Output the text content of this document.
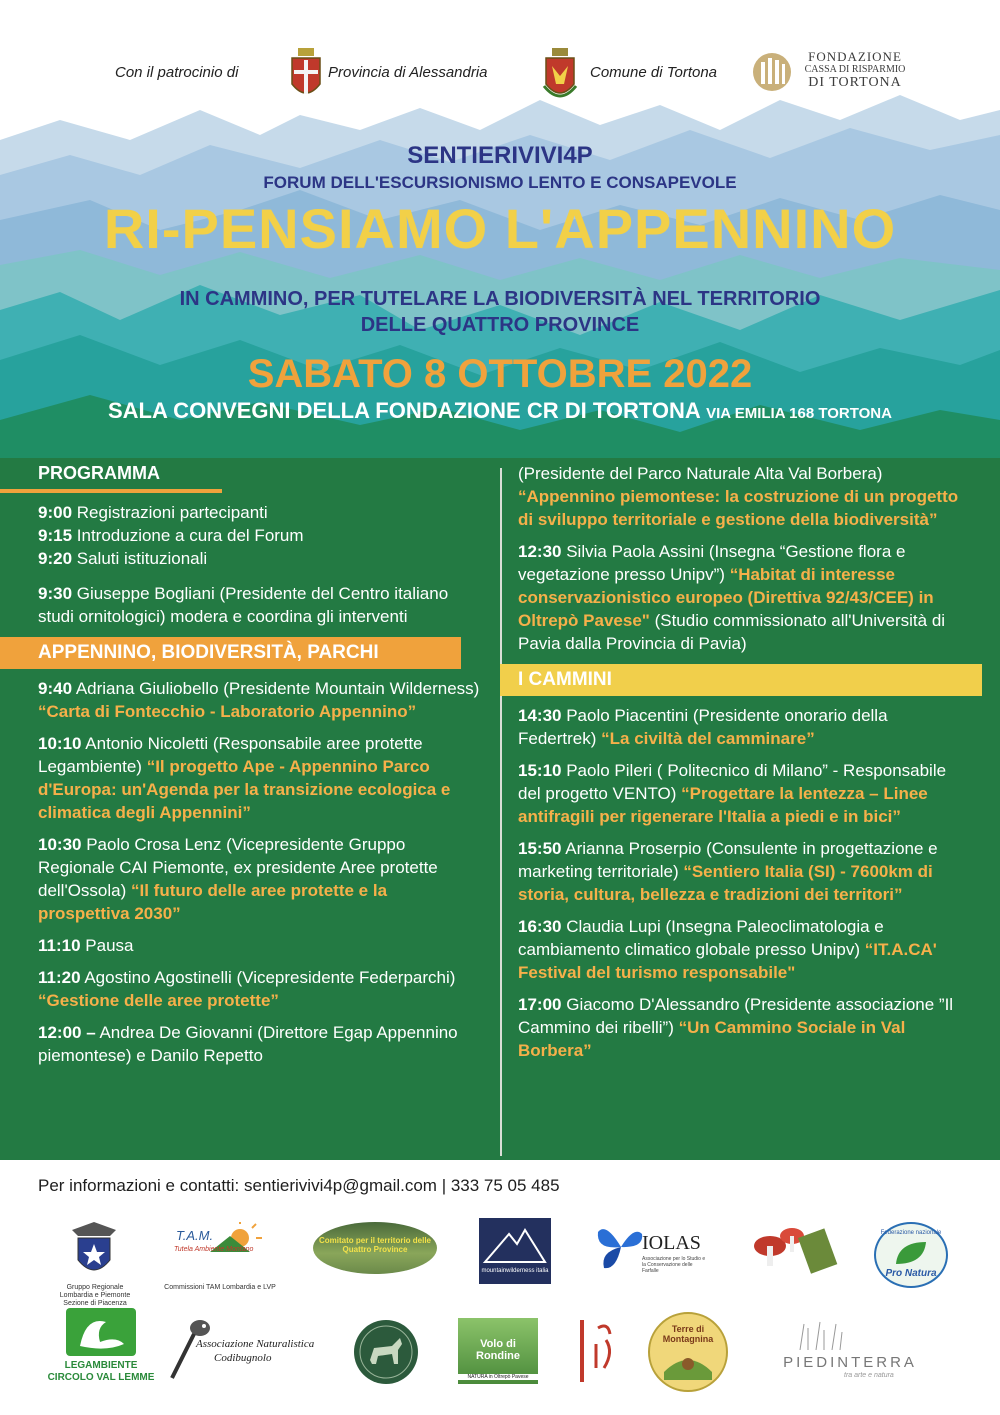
Con il patrocinio di	Provincia di Alessandria	Comune di Tortona
FONDAZIONE
CASSA DI RISPARMIO
DI TORTONA
SENTIERIVIVI4P
FORUM DELL'ESCURSIONISMO LENTO E CONSAPEVOLE
RI-PENSIAMO L'APPENNINO
IN CAMMINO, PER TUTELARE LA BIODIVERSITÀ NEL TERRITORIO
DELLE QUATTRO PROVINCE
SABATO 8 OTTOBRE 2022
SALA CONVEGNI DELLA FONDAZIONE CR DI TORTONA VIA EMILIA 168 TORTONA
PROGRAMMA
9:00 Registrazioni partecipanti
9:15 Introduzione a cura del Forum
9:20 Saluti istituzionali
9:30 Giuseppe Bogliani (Presidente del Centro italiano studi ornitologici) modera e coordina gli interventi
APPENNINO, BIODIVERSITÀ, PARCHI
9:40 Adriana Giuliobello (Presidente Mountain Wilderness) “Carta di Fontecchio - Laboratorio Appennino”
10:10 Antonio Nicoletti (Responsabile aree protette Legambiente) “Il progetto Ape - Appennino Parco d'Europa: un'Agenda per la transizione ecologica e climatica degli Appennini”
10:30 Paolo Crosa Lenz (Vicepresidente Gruppo Regionale CAI Piemonte, ex presidente Aree protette dell'Ossola) “Il futuro delle aree protette e la prospettiva 2030”
11:10 Pausa
11:20 Agostino Agostinelli (Vicepresidente Federparchi) “Gestione delle aree protette”
12:00 – Andrea De Giovanni (Direttore Egap Appennino piemontese) e Danilo Repetto
(Presidente del Parco Naturale Alta Val Borbera)
“Appennino piemontese: la costruzione di un progetto di sviluppo territoriale e gestione della biodiversità”
12:30 Silvia Paola Assini (Insegna “Gestione flora e vegetazione presso Unipv”) “Habitat di interesse conservazionistico europeo (Direttiva 92/43/CEE) in Oltrepò Pavese" (Studio commissionato all'Università di Pavia dalla Provincia di Pavia)
I CAMMINI
14:30 Paolo Piacentini (Presidente onorario della Federtrek) “La civiltà del camminare”
15:10 Paolo Pileri ( Politecnico di Milano” - Responsabile del progetto VENTO) “Progettare la lentezza – Linee antifragili per rigenerare l'Italia a piedi e in bici”
15:50 Arianna Proserpio (Consulente in progettazione e marketing territoriale) “Sentiero Italia (SI) - 7600km di storia, cultura, bellezza e tradizioni dei territori”
16:30 Claudia Lupi (Insegna Paleoclimatologia e cambiamento climatico globale presso Unipv) “IT.A.CA' Festival del turismo responsabile"
17:00 Giacomo D'Alessandro (Presidente associazione ”Il Cammino dei ribelli”) “Un Cammino Sociale in Val Borbera”
Per informazioni e contatti: sentierivivi4p@gmail.com | 333 75 05 485
Gruppo Regionale Lombardia e Piemonte Sezione di Piacenza
T.A.M.
Tutela Ambiente Montano
Commissioni TAM Lombardia e LVP
Comitato per il territorio delle Quattro Province
mountainwilderness italia
IOLAS
Associazione per lo Studio e la Conservazione delle Farfalle
Federazione nazionale
Pro Natura
LEGAMBIENTE
CIRCOLO VAL LEMME
Associazione Naturalistica
Codibugnolo
Volo di Rondine
NATURA in Oltrepò Pavese
Terre di Montagnina
PIEDINTERRA
tra arte e natura
